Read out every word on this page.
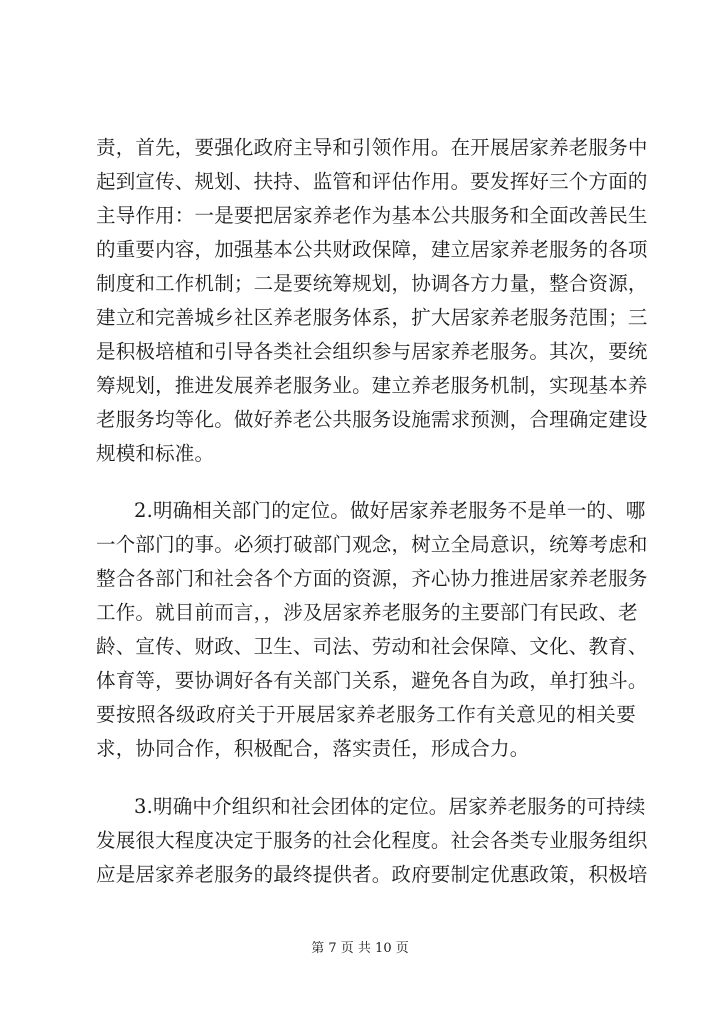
责，首先，要强化政府主导和引领作用。在开展居家养老服务中
起到宣传、规划、扶持、监管和评估作用。要发挥好三个方面的
主导作用：一是要把居家养老作为基本公共服务和全面改善民生
的重要内容，加强基本公共财政保障，建立居家养老服务的各项
制度和工作机制；二是要统筹规划，协调各方力量，整合资源，
建立和完善城乡社区养老服务体系，扩大居家养老服务范围；三
是积极培植和引导各类社会组织参与居家养老服务。其次，要统
筹规划，推进发展养老服务业。建立养老服务机制，实现基本养
老服务均等化。做好养老公共服务设施需求预测，合理确定建设
规模和标准。
2.明确相关部门的定位。做好居家养老服务不是单一的、哪
一个部门的事。必须打破部门观念，树立全局意识，统筹考虑和
整合各部门和社会各个方面的资源，齐心协力推进居家养老服务
工作。就目前而言，，涉及居家养老服务的主要部门有民政、老
龄、宣传、财政、卫生、司法、劳动和社会保障、文化、教育、
体育等，要协调好各有关部门关系，避免各自为政，单打独斗。
要按照各级政府关于开展居家养老服务工作有关意见的相关要
求，协同合作，积极配合，落实责任，形成合力。
3.明确中介组织和社会团体的定位。居家养老服务的可持续
发展很大程度决定于服务的社会化程度。社会各类专业服务组织
应是居家养老服务的最终提供者。政府要制定优惠政策，积极培
第 7 页 共 10 页
